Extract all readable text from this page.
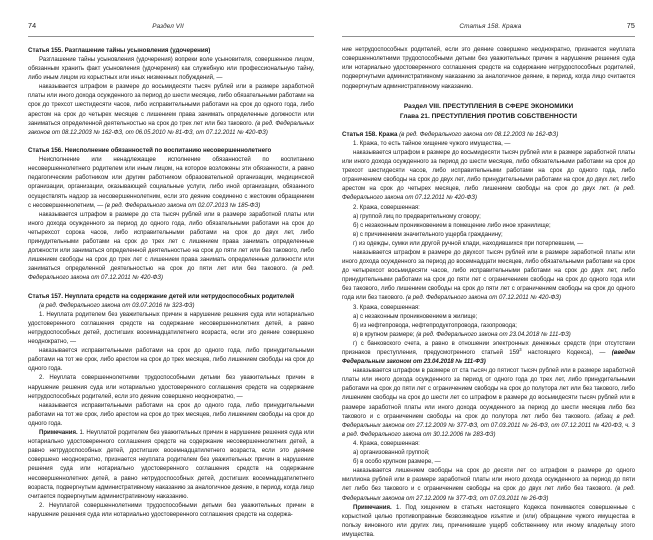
74	Раздел VII

Статья 155. Разглашение тайны усыновления (удочерения)

Разглашение тайны усыновления (удочерения) вопреки воле усыновителя, совершенное лицом, обязанным хранить факт усыновления (удочерения) как служебную или профессиональную тайну, либо иным лицом из корыстных или иных низменных побуждений, —

наказывается штрафом в размере до восьмидесяти тысяч рублей или в размере заработной платы или иного дохода осужденного за период до шести месяцев, либо обязательными работами на срок до трехсот шестидесяти часов, либо исправительными работами на срок до одного года, либо арестом на срок до четырех месяцев с лишением права занимать определенные должности или заниматься определенной деятельностью на срок до трех лет или без такового. (в ред. Федеральных законов от 08.12.2003 № 162-ФЗ, от 06.05.2010 № 81-ФЗ, от 07.12.2011 № 420-ФЗ)

Статья 156. Неисполнение обязанностей по воспитанию несовершеннолетнего

Неисполнение или ненадлежащее исполнение обязанностей по воспитанию несовершеннолетнего родителем или иным лицом, на которое возложены эти обязанности, а равно педагогическим работником или другим работником образовательной организации, медицинской организации, организации, оказывающей социальные услуги, либо иной организации, обязанного осуществлять надзор за несовершеннолетним, если это деяние соединено с жестоким обращением с несовершеннолетним, — (в ред. Федерального закона от 02.07.2013 № 185-ФЗ)

наказывается штрафом в размере до ста тысяч рублей или в размере заработной платы или иного дохода осужденного за период до одного года, либо обязательными работами на срок до четырехсот сорока часов, либо исправительными работами на срок до двух лет, либо принудительными работами на срок до трех лет с лишением права занимать определенные должности или заниматься определенной деятельностью на срок до пяти лет или без такового, либо лишением свободы на срок до трех лет с лишением права занимать определенные должности или заниматься определенной деятельностью на срок до пяти лет или без такового. (в ред. Федерального закона от 07.12.2011 № 420-ФЗ)

Статья 157. Неуплата средств на содержание детей или нетрудоспособных родителей

(в ред. Федерального закона от 03.07.2016 № 323-ФЗ)

1. Неуплата родителем без уважительных причин в нарушение решения суда или нотариально удостоверенного соглашения средств на содержание несовершеннолетних детей, а равно нетрудоспособных детей, достигших восемнадцатилетнего возраста, если это деяние совершено неоднократно, —

наказывается исправительными работами на срок до одного года, либо принудительными работами на тот же срок, либо арестом на срок до трех месяцев, либо лишением свободы на срок до одного года.

2. Неуплата совершеннолетними трудоспособными детьми без уважительных причин в нарушение решения суда или нотариально удостоверенного соглашения средств на содержание нетрудоспособных родителей, если это деяние совершено неоднократно, —

наказывается исправительными работами на срок до одного года, либо принудительными работами на тот же срок, либо арестом на срок до трех месяцев, либо лишением свободы на срок до одного года.

Примечания. 1. Неуплатой родителем без уважительных причин в нарушение решения суда или нотариально удостоверенного соглашения средств на содержание несовершеннолетних детей, а равно нетрудоспособных детей, достигших восемнадцатилетнего возраста, если это деяние совершено неоднократно, признается неуплата родителем без уважительных причин в нарушение решения суда или нотариально удостоверенного соглашения средств на содержание несовершеннолетних детей, а равно нетрудоспособных детей, достигших восемнадцатилетнего возраста, подвергнутым административному наказанию за аналогичное деяние, в период, когда лицо считается подвергнутым административному наказанию.

2. Неуплатой совершеннолетними трудоспособными детьми без уважительных причин в нарушение решения суда или нотариально удостоверенного соглашения средств на содержа-

Статья 158. Кража	75

ние нетрудоспособных родителей, если это деяние совершено неоднократно, признается неуплата совершеннолетними трудоспособными детьми без уважительных причин в нарушение решения суда или нотариально удостоверенного соглашения средств на содержание нетрудоспособных родителей, подвергнутыми административному наказанию за аналогичное деяние, в период, когда лицо считается подвергнутым административному наказанию.

Раздел VIII. ПРЕСТУПЛЕНИЯ В СФЕРЕ ЭКОНОМИКИ

Глава 21. ПРЕСТУПЛЕНИЯ ПРОТИВ СОБСТВЕННОСТИ

Статья 158. Кража (в ред. Федерального закона от 08.12.2003 № 162-ФЗ)

1. Кража, то есть тайное хищение чужого имущества, —

наказывается штрафом в размере до восьмидесяти тысяч рублей или в размере заработной платы или иного дохода осужденного за период до шести месяцев, либо обязательными работами на срок до трехсот шестидесяти часов, либо исправительными работами на срок до одного года, либо ограничением свободы на срок до двух лет, либо принудительными работами на срок до двух лет, либо арестом на срок до четырех месяцев, либо лишением свободы на срок до двух лет. (в ред. Федерального закона от 07.12.2011 № 420-ФЗ)

2. Кража, совершенная:

а) группой лиц по предварительному сговору;

б) с незаконным проникновением в помещение либо иное хранилище;

в) с причинением значительного ущерба гражданину;

г) из одежды, сумки или другой ручной клади, находившихся при потерпевшем, —

наказывается штрафом в размере до двухсот тысяч рублей или в размере заработной платы или иного дохода осужденного за период до восемнадцати месяцев, либо обязательными работами на срок до четырехсот восьмидесяти часов, либо исправительными работами на срок до двух лет, либо принудительными работами на срок до пяти лет с ограничением свободы на срок до одного года или без такового, либо лишением свободы на срок до пяти лет с ограничением свободы на срок до одного года или без такового. (в ред. Федерального закона от 07.12.2011 № 420-ФЗ)

3. Кража, совершенная:

а) с незаконным проникновением в жилище;

б) из нефтепровода, нефтепродуктопровода, газопровода;

в) в крупном размере; (в ред. Федерального закона от 23.04.2018 № 111-ФЗ)

г) с банковского счета, а равно в отношении электронных денежных средств (при отсутствии признаков преступления, предусмотренного статьей $159^3$ настоящего Кодекса), — (введен Федеральным законом от 23.04.2018 № 111-ФЗ)

наказывается штрафом в размере от ста тысяч до пятисот тысяч рублей или в размере заработной платы или иного дохода осужденного за период от одного года до трех лет, либо принудительными работами на срок до пяти лет с ограничением свободы на срок до полутора лет или без такового, либо лишением свободы на срок до шести лет со штрафом в размере до восьмидесяти тысяч рублей или в размере заработной платы или иного дохода осужденного за период до шести месяцев либо без такового и с ограничением свободы на срок до полутора лет либо без такового. (абзац в ред. Федеральных законов от 27.12.2009 № 377-ФЗ, от 07.03.2011 № 26-ФЗ, от 07.12.2011 № 420-ФЗ, ч. 3 в ред. Федерального закона от 30.12.2006 № 283-ФЗ)

4. Кража, совершенная:

а) организованной группой;

б) в особо крупном размере, —

наказывается лишением свободы на срок до десяти лет со штрафом в размере до одного миллиона рублей или в размере заработной платы или иного дохода осужденного за период до пяти лет либо без такового и с ограничением свободы на срок до двух лет либо без такового. (в ред. Федеральных законов от 27.12.2009 № 377-ФЗ, от 07.03.2011 № 26-ФЗ)

Примечания. 1. Под хищением в статьях настоящего Кодекса понимаются совершенные с корыстной целью противоправные безвозмездное изъятие и (или) обращение чужого имущества в пользу виновного или других лиц, причинившие ущерб собственнику или иному владельцу этого имущества.
